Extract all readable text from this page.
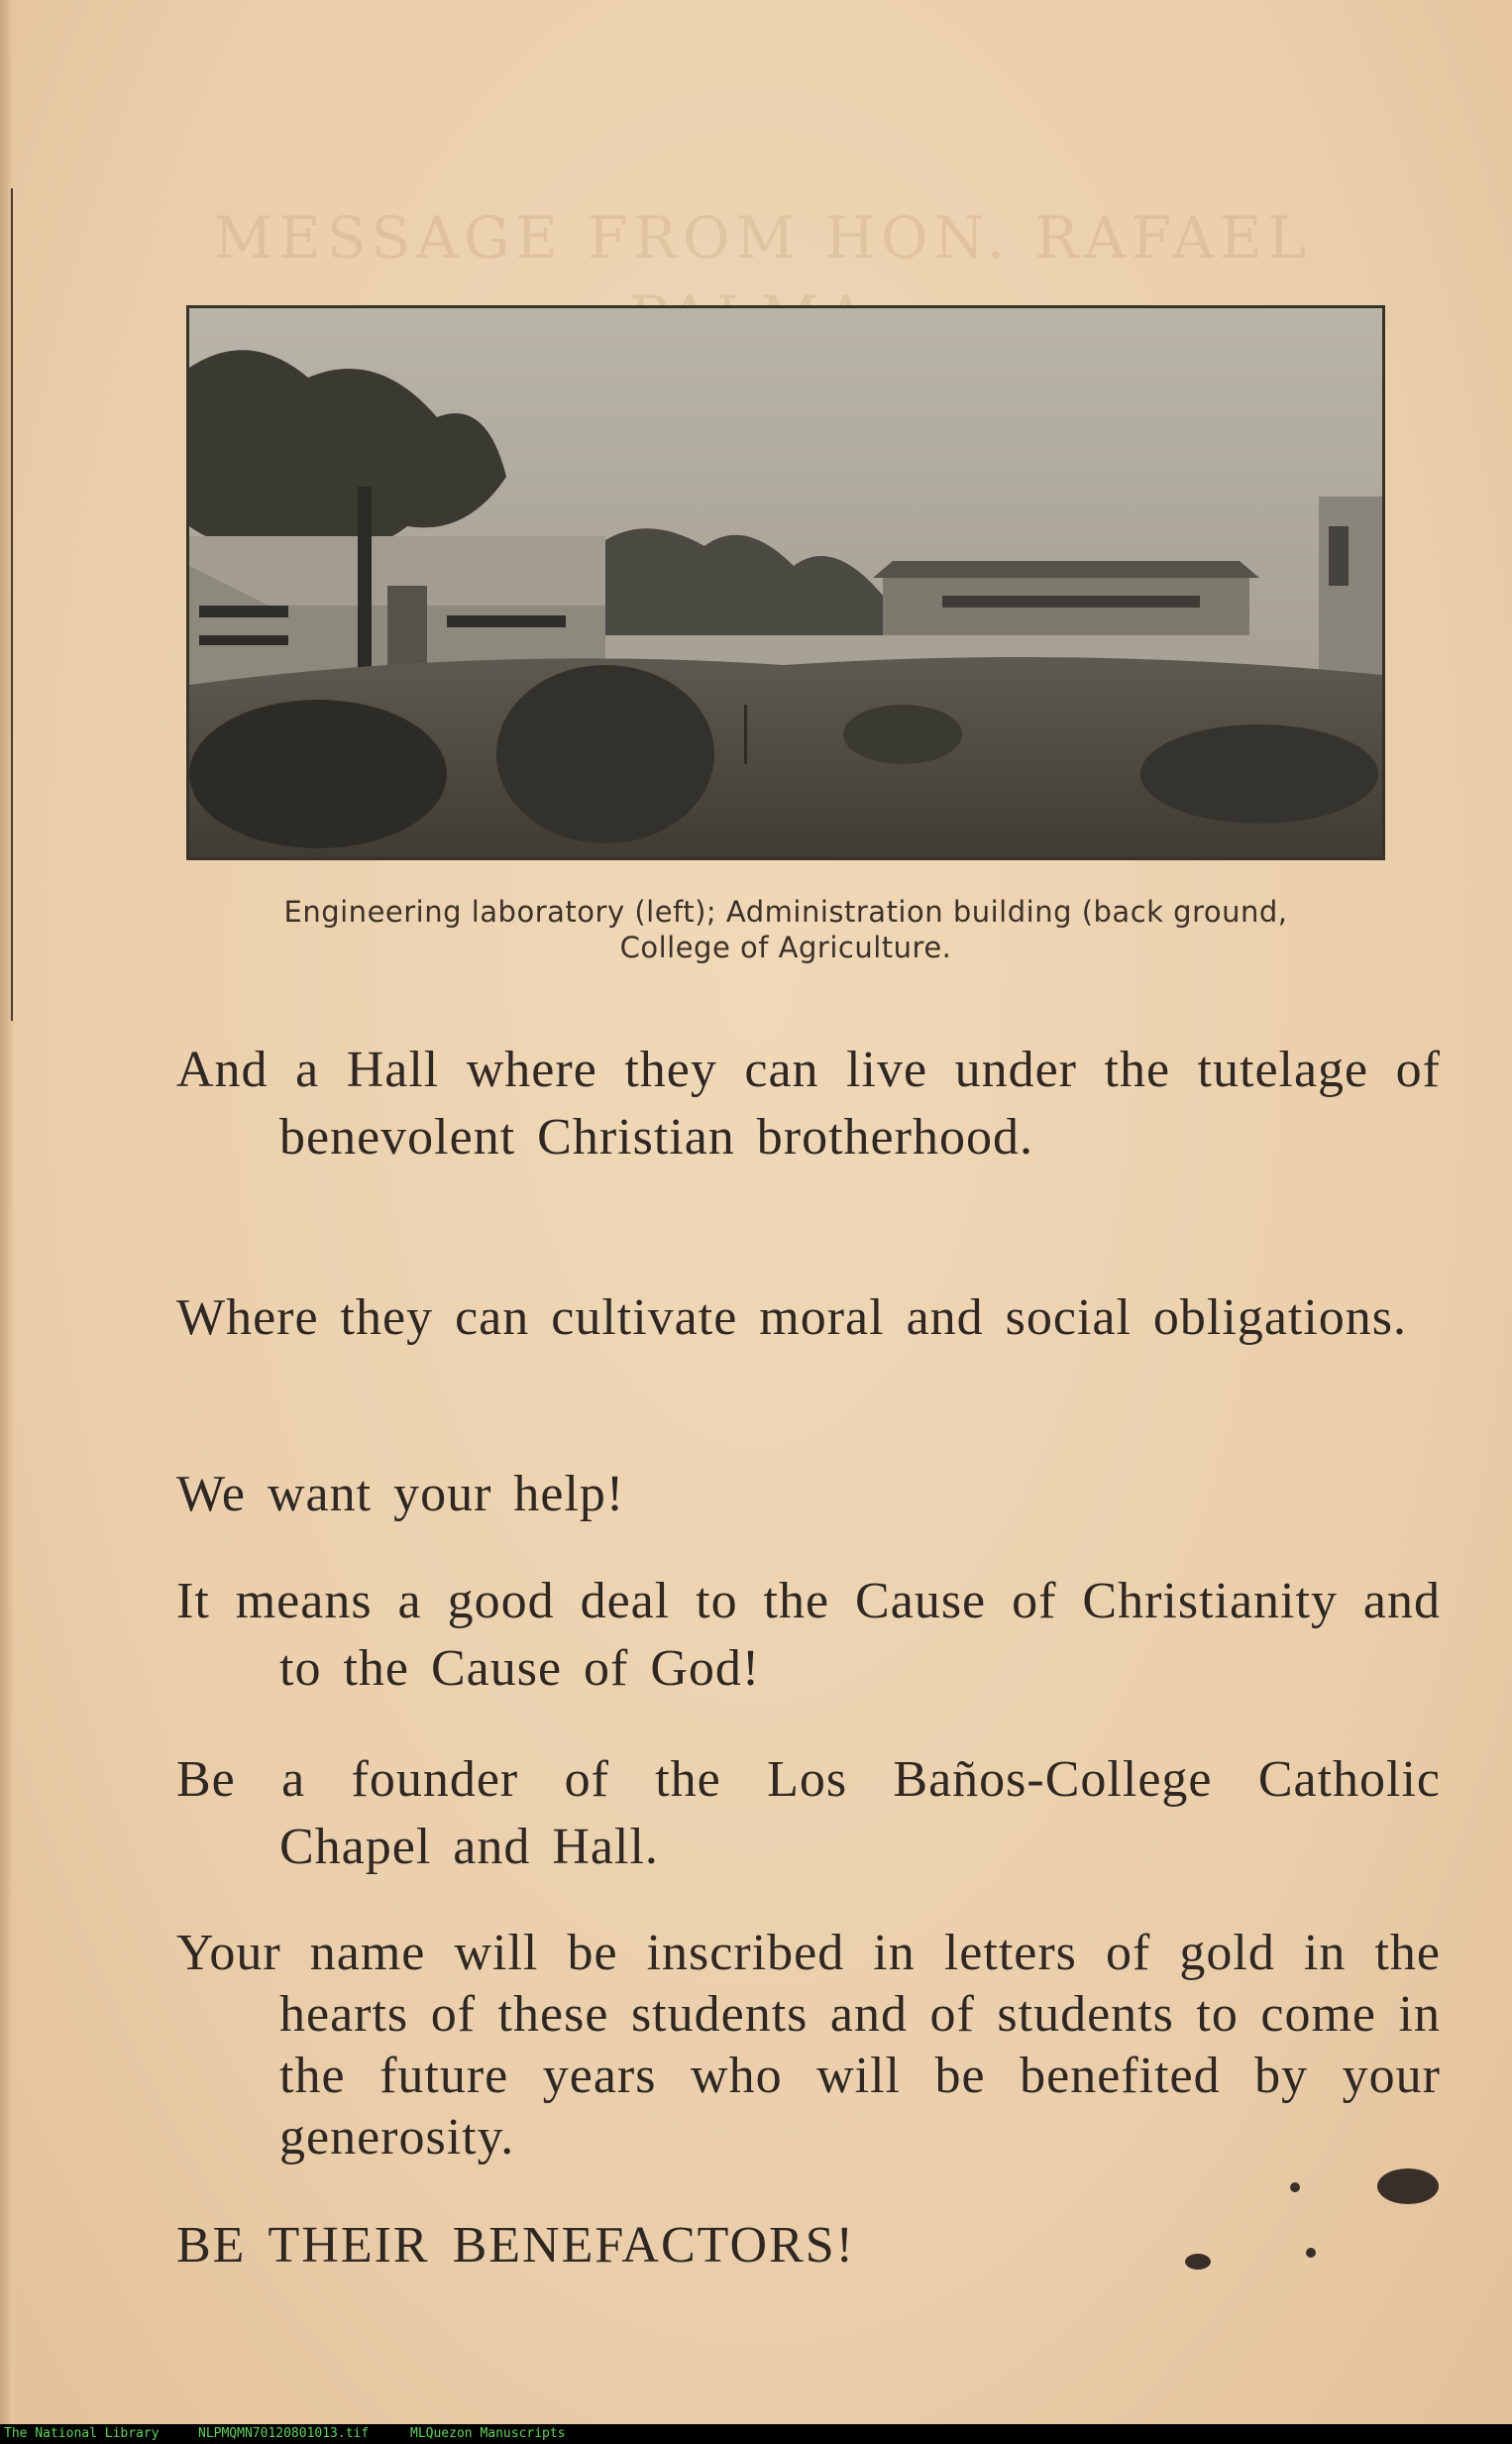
MESSAGE FROM HON. RAFAEL
Engineering laboratory (left); Administration building (back ground,
College of Agriculture.
And a Hall where they can live under the tutelage of benevolent Christian brotherhood.
Where they can cultivate moral and social obligations.
We want your help!
It means a good deal to the Cause of Christianity and to the Cause of God!
Be a founder of the Los Baños-College Catholic Chapel and Hall.
Your name will be inscribed in letters of gold in the hearts of these students and of students to come in the future years who will be benefited by your generosity.
BE THEIR BENEFACTORS!
The National Library	NLPMQMN70120801013.tif	MLQuezon Manuscripts
